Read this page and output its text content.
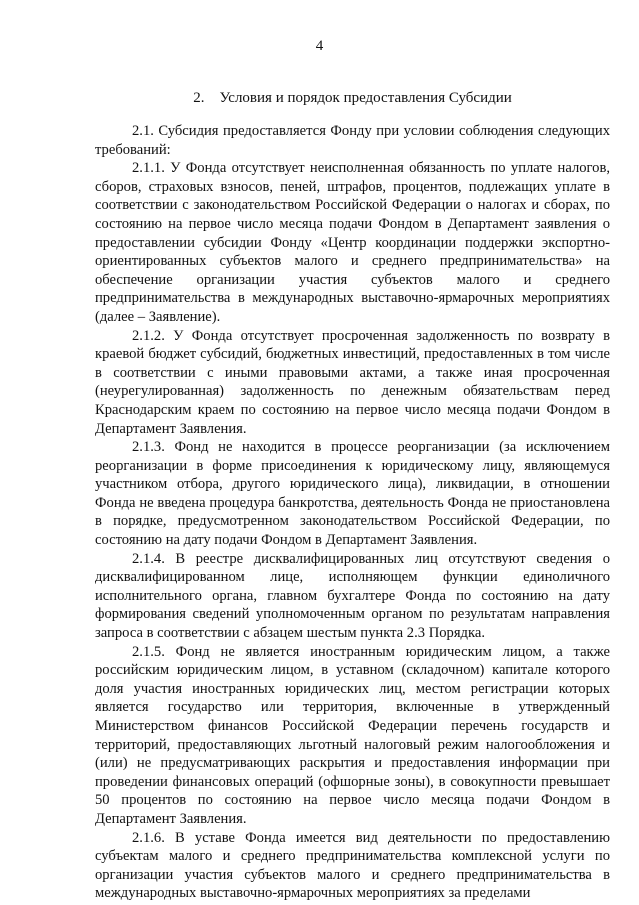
4
2.    Условия и порядок предоставления Субсидии

2.1. Субсидия предоставляется Фонду при условии соблюдения следующих требований:

2.1.1. У Фонда отсутствует неисполненная обязанность по уплате налогов, сборов, страховых взносов, пеней, штрафов, процентов, подлежащих уплате в соответствии с законодательством Российской Федерации о налогах и сборах, по состоянию на первое число месяца подачи Фондом в Департамент заявления о предоставлении субсидии Фонду «Центр координации поддержки экспортно-ориентированных субъектов малого и среднего предпринимательства» на обеспечение организации участия субъектов малого и среднего предпринимательства в международных выставочно-ярмарочных мероприятиях (далее – Заявление).

2.1.2. У Фонда отсутствует просроченная задолженность по возврату в краевой бюджет субсидий, бюджетных инвестиций, предоставленных в том числе в соответствии с иными правовыми актами, а также иная просроченная (неурегулированная) задолженность по денежным обязательствам перед Краснодарским краем по состоянию на первое число месяца подачи Фондом в Департамент Заявления.

2.1.3. Фонд не находится в процессе реорганизации (за исключением реорганизации в форме присоединения к юридическому лицу, являющемуся участником отбора, другого юридического лица), ликвидации, в отношении Фонда не введена процедура банкротства, деятельность Фонда не приостановлена в порядке, предусмотренном законодательством Российской Федерации, по состоянию на дату подачи Фондом в Департамент Заявления.

2.1.4. В реестре дисквалифицированных лиц отсутствуют сведения о дисквалифицированном лице, исполняющем функции единоличного исполнительного органа, главном бухгалтере Фонда по состоянию на дату формирования сведений уполномоченным органом по результатам направления запроса в соответствии с абзацем шестым пункта 2.3 Порядка.

2.1.5. Фонд не является иностранным юридическим лицом, а также российским юридическим лицом, в уставном (складочном) капитале которого доля участия иностранных юридических лиц, местом регистрации которых является государство или территория, включенные в утвержденный Министерством финансов Российской Федерации перечень государств и территорий, предоставляющих льготный налоговый режим налогообложения и (или) не предусматривающих раскрытия и предоставления информации при проведении финансовых операций (офшорные зоны), в совокупности превышает 50 процентов по состоянию на первое число месяца подачи Фондом в Департамент Заявления.

2.1.6. В уставе Фонда имеется вид деятельности по предоставлению субъектам малого и среднего предпринимательства комплексной услуги по организации участия субъектов малого и среднего предпринимательства в международных выставочно-ярмарочных мероприятиях за пределами
